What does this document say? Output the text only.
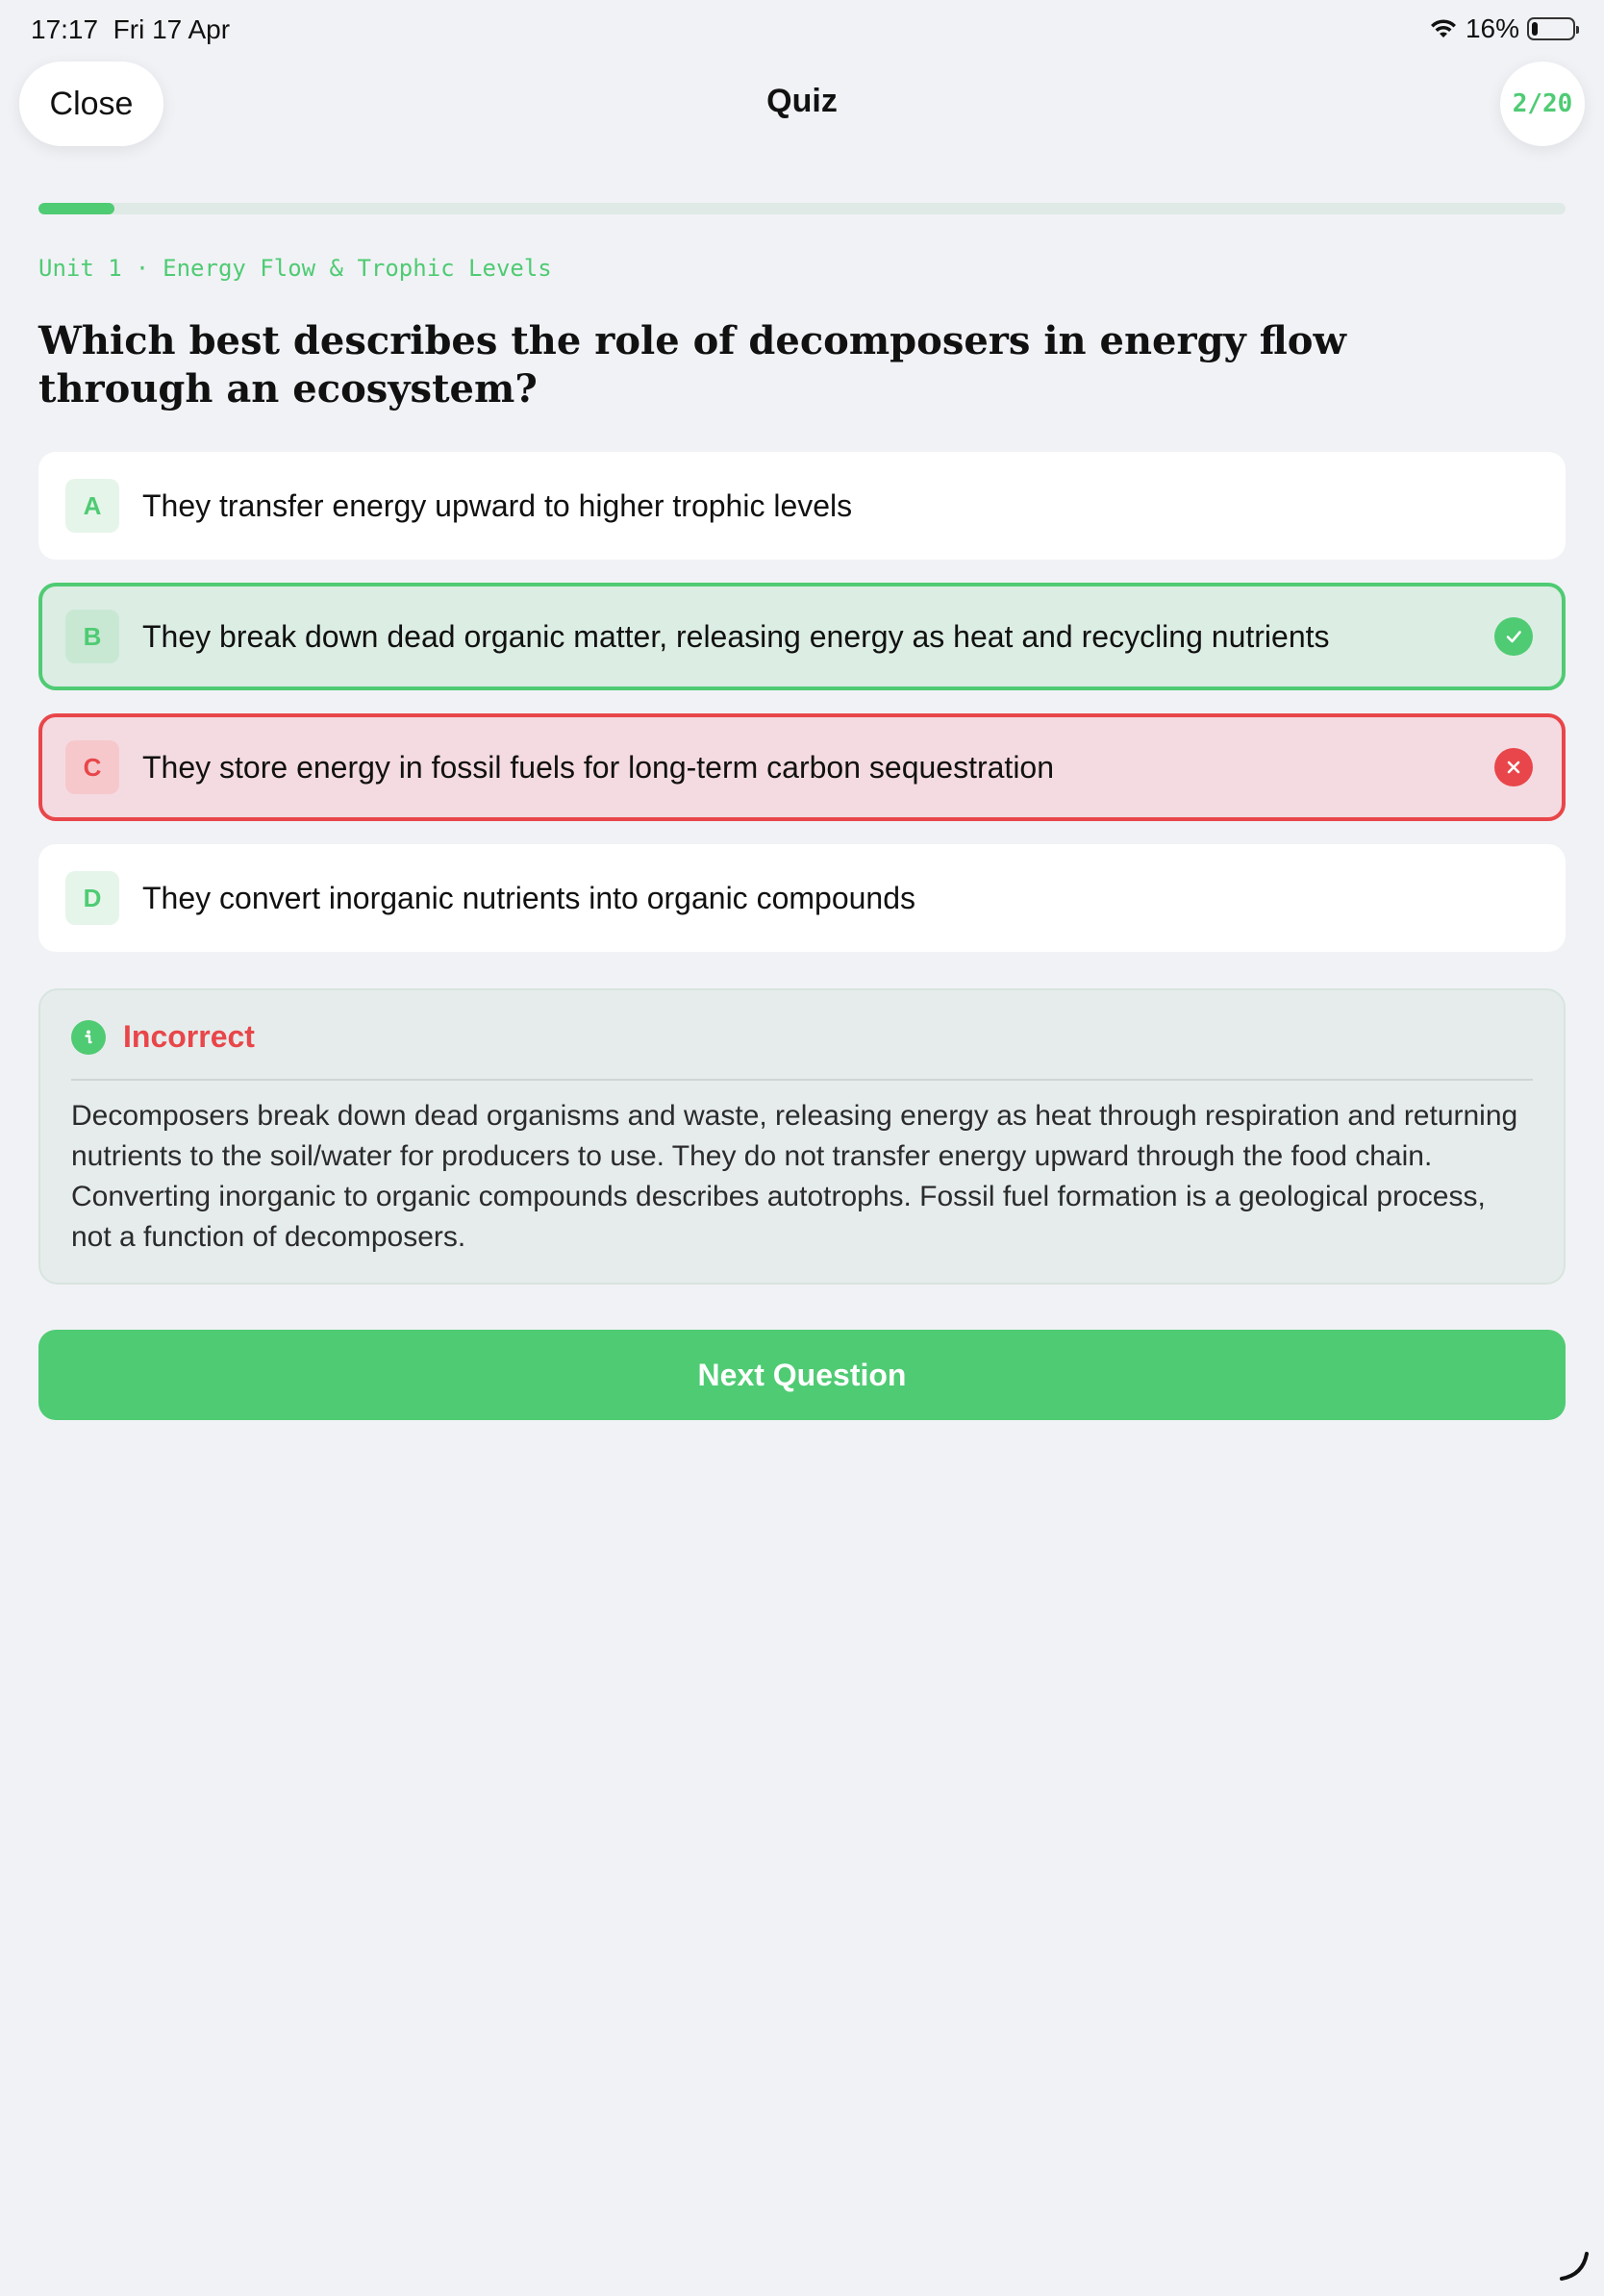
17:17 Fri 17 Apr	16%
Close	Quiz	2/20
Unit 1 · Energy Flow & Trophic Levels
Which best describes the role of decomposers in energy flow through an ecosystem?
A	They transfer energy upward to higher trophic levels
B	They break down dead organic matter, releasing energy as heat and recycling nutrients
C	They store energy in fossil fuels for long-term carbon sequestration
D	They convert inorganic nutrients into organic compounds
Incorrect
Decomposers break down dead organisms and waste, releasing energy as heat through respiration and returning nutrients to the soil/water for producers to use. They do not transfer energy upward through the food chain. Converting inorganic to organic compounds describes autotrophs. Fossil fuel formation is a geological process, not a function of decomposers.
Next Question
